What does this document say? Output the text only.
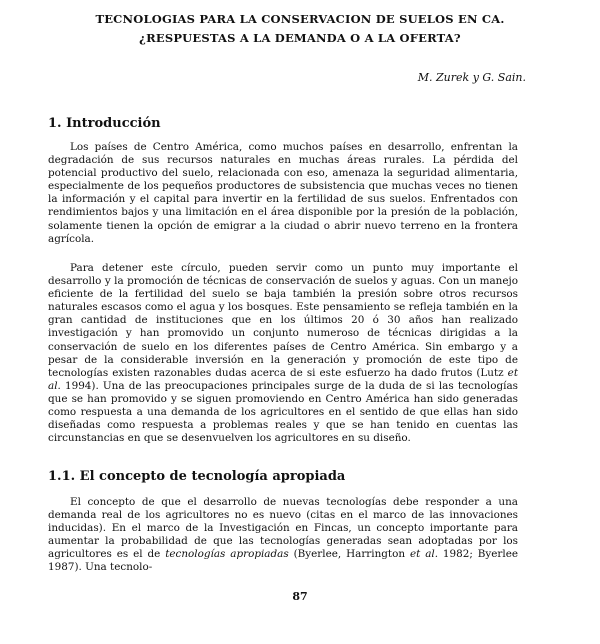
TECNOLOGIAS PARA LA CONSERVACION DE SUELOS EN CA.
¿RESPUESTAS A LA DEMANDA O A LA OFERTA?
M. Zurek y G. Sain.
1. Introducción

Los países de Centro América, como muchos países en desarrollo, enfrentan la degradación de sus recursos naturales en muchas áreas rurales. La pérdida del potencial productivo del suelo, relacionada con eso, amenaza la seguridad alimentaria, especialmente de los pequeños productores de subsistencia que muchas veces no tienen la información y el capital para invertir en la fertilidad de sus suelos. Enfrentados con rendimientos bajos y una limitación en el área disponible por la presión de la población, solamente tienen la opción de emigrar a la ciudad o abrir nuevo terreno en la frontera agrícola.

Para detener este círculo, pueden servir como un punto muy importante el desarrollo y la promoción de técnicas de conservación de suelos y aguas. Con un manejo eficiente de la fertilidad del suelo se baja también la presión sobre otros recursos naturales escasos como el agua y los bosques. Este pensamiento se refleja también en la gran cantidad de instituciones que en los últimos 20 ó 30 años han realizado investigación y han promovido un conjunto numeroso de técnicas dirigidas a la conservación de suelo en los diferentes países de Centro América. Sin embargo y a pesar de la considerable inversión en la generación y promoción de este tipo de tecnologías existen razonables dudas acerca de si este esfuerzo ha dado frutos (Lutz et al. 1994). Una de las preocupaciones principales surge de la duda de si las tecnologías que se han promovido y se siguen promoviendo en Centro América han sido generadas como respuesta a una demanda de los agricultores en el sentido de que ellas han sido diseñadas como respuesta a problemas reales y que se han tenido en cuentas las circunstancias en que se desenvuelven los agricultores en su diseño.

1.1. El concepto de tecnología apropiada

El concepto de que el desarrollo de nuevas tecnologías debe responder a una demanda real de los agricultores no es nuevo (citas en el marco de las innovaciones inducidas). En el marco de la Investigación en Fincas, un concepto importante para aumentar la probabilidad de que las tecnologías generadas sean adoptadas por los agricultores es el de tecnologías apropiadas (Byerlee, Harrington et al. 1982; Byerlee 1987). Una tecnolo-

87
